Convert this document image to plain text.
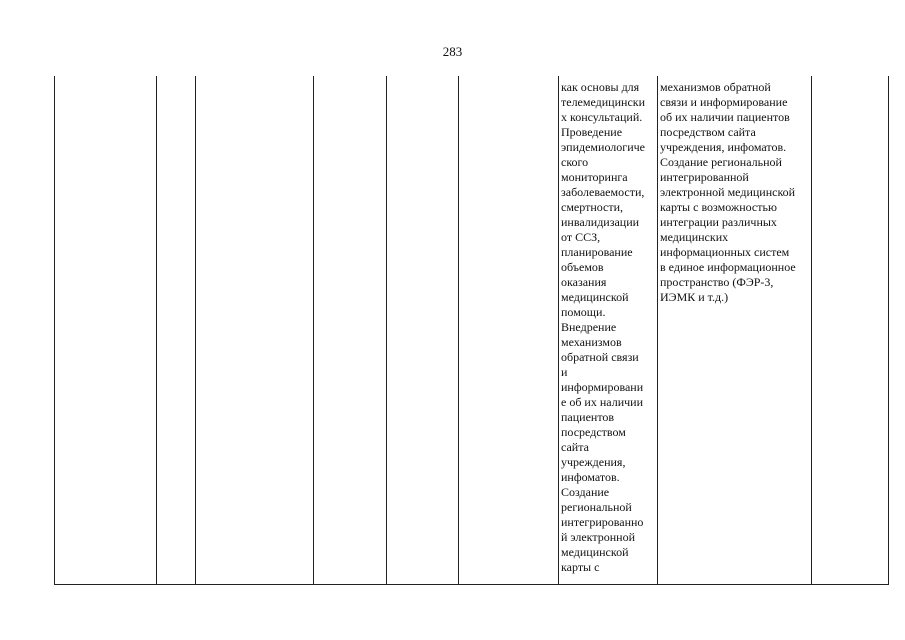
283
как основы для
телемедицински
х консультаций.
Проведение
эпидемиологиче
ского
мониторинга
заболеваемости,
смертности,
инвалидизации
от ССЗ,
планирование
объемов
оказания
медицинской
помощи.
Внедрение
механизмов
обратной связи
и
информировани
е об их наличии
пациентов
посредством
сайта
учреждения,
инфоматов.
Создание
региональной
интегрированно
й электронной
медицинской
карты с
механизмов обратной
связи и информирование
об их наличии пациентов
посредством сайта
учреждения, инфоматов.
Создание региональной
интегрированной
электронной медицинской
карты с возможностью
интеграции различных
медицинских
информационных систем
в единое информационное
пространство (ФЭР-3,
ИЭМК и т.д.)
